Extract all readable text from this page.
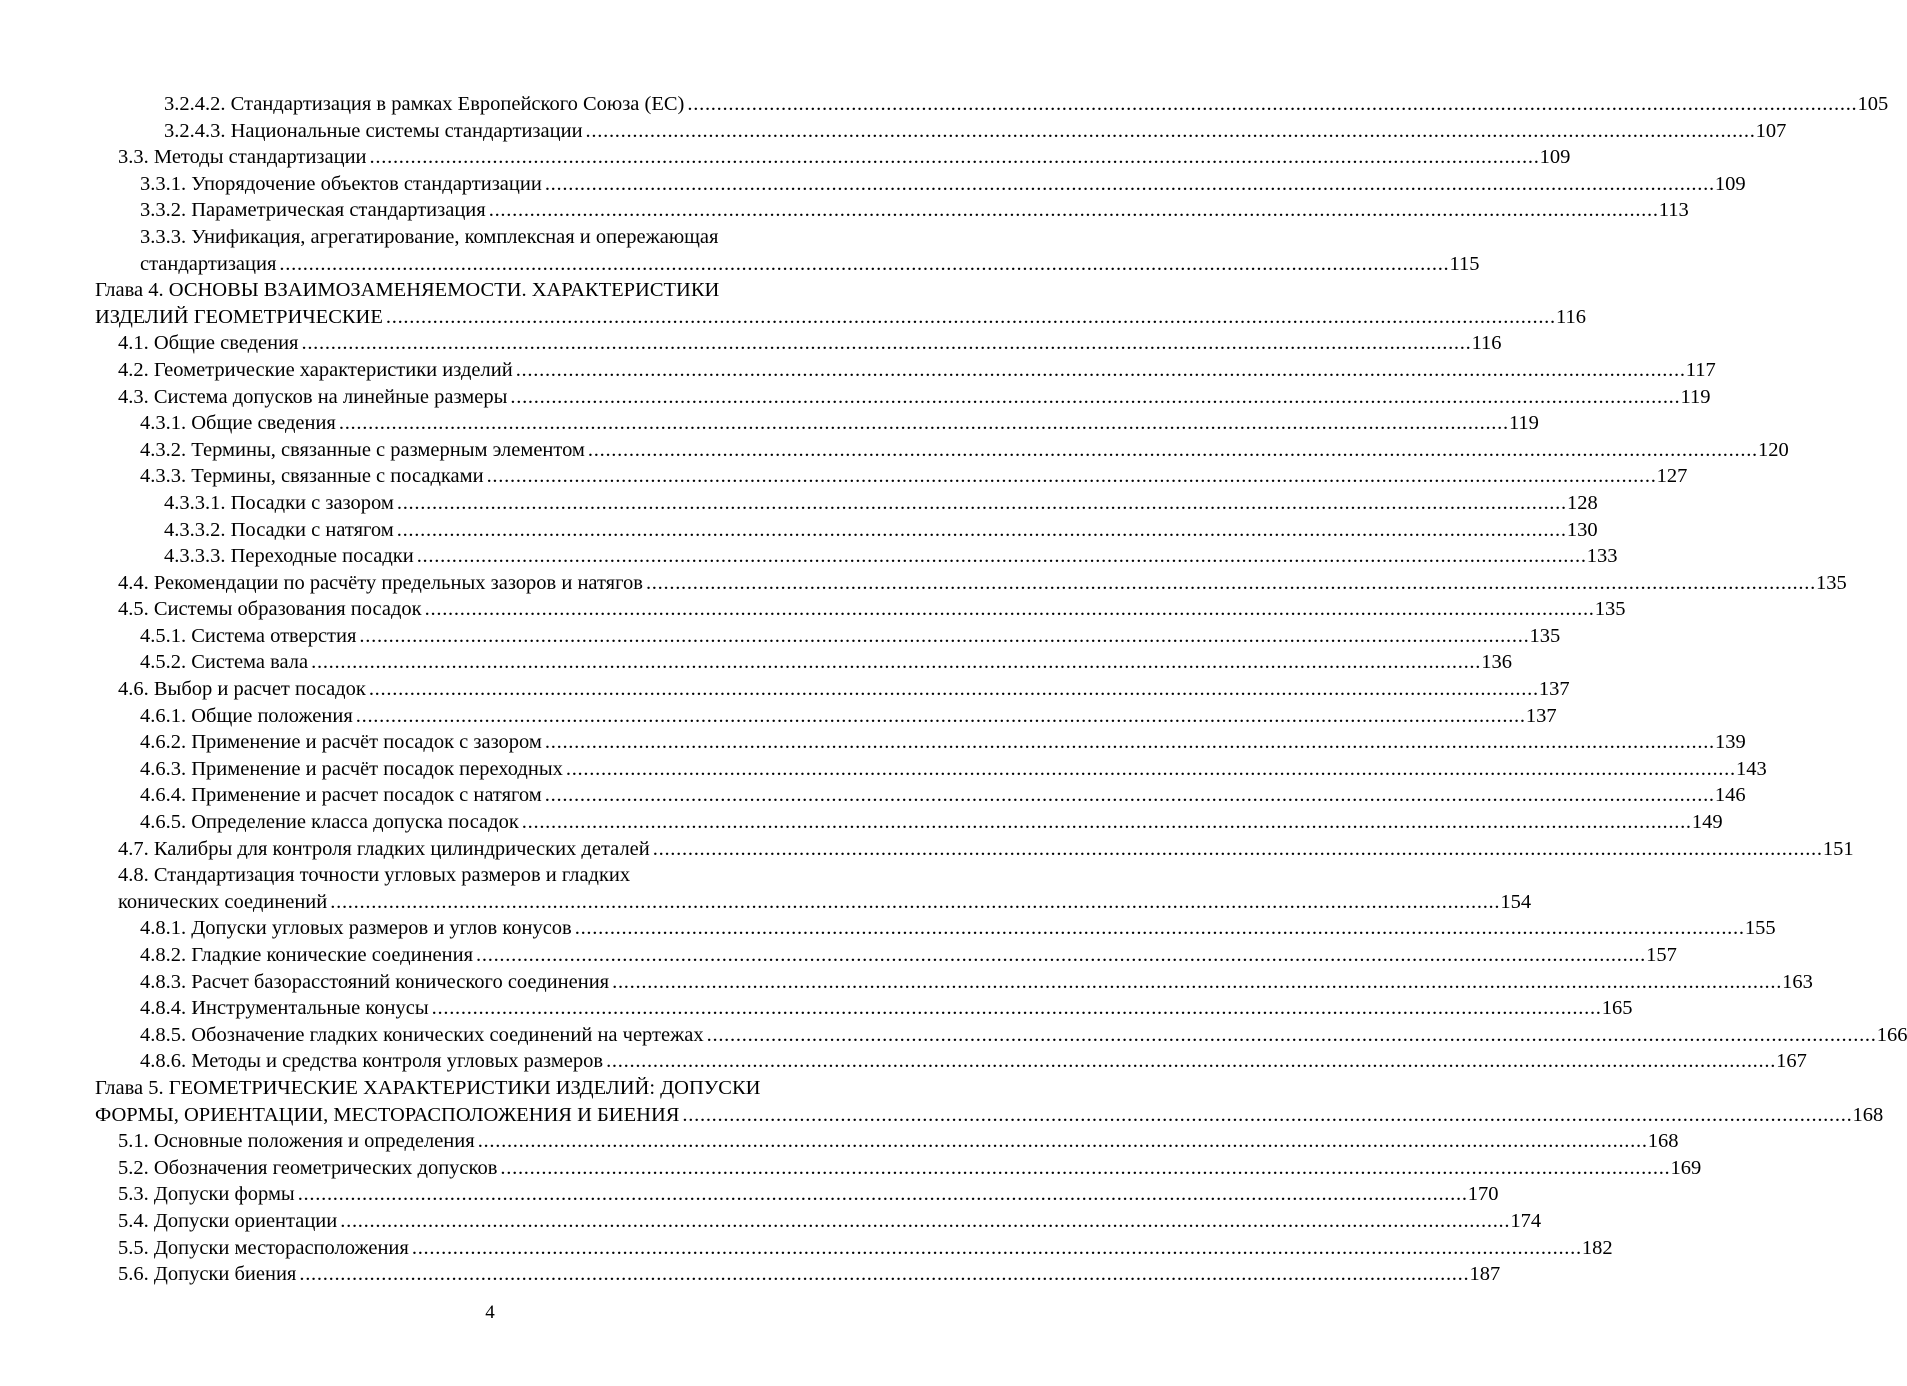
3.2.4.2. Стандартизация в рамках Европейского Союза (ЕС) . . .	105
3.2.4.3. Национальные системы стандартизации . . .	107
3.3. Методы стандартизации . . .	109
3.3.1. Упорядочение объектов стандартизации . . .	109
3.3.2. Параметрическая стандартизация . . .	113
3.3.3. Унификация, агрегатирование, комплексная и опережающая
стандартизация . . .	115
Глава 4. ОСНОВЫ ВЗАИМОЗАМЕНЯЕМОСТИ. ХАРАКТЕРИСТИКИ
ИЗДЕЛИЙ ГЕОМЕТРИЧЕСКИЕ . . .	116
4.1. Общие сведения . . .	116
4.2. Геометрические характеристики изделий . . .	117
4.3. Система допусков на линейные размеры . . .	119
4.3.1. Общие сведения . . .	119
4.3.2. Термины, связанные с размерным элементом . . .	120
4.3.3. Термины, связанные с посадками . . .	127
4.3.3.1. Посадки с зазором . . .	128
4.3.3.2. Посадки с натягом . . .	130
4.3.3.3. Переходные посадки . . .	133
4.4. Рекомендации по расчёту предельных зазоров и натягов . . .	135
4.5. Системы образования посадок . . .	135
4.5.1. Система отверстия . . .	135
4.5.2. Система вала . . .	136
4.6. Выбор и расчет посадок . . .	137
4.6.1. Общие положения . . .	137
4.6.2. Применение и расчёт посадок с зазором . . .	139
4.6.3. Применение и расчёт посадок переходных . . .	143
4.6.4. Применение и расчет посадок с натягом . . .	146
4.6.5. Определение класса допуска посадок . . .	149
4.7. Калибры для контроля гладких цилиндрических деталей . . .	151
4.8. Стандартизация точности угловых размеров и гладких
конических соединений . . .	154
4.8.1. Допуски угловых размеров и углов конусов . . .	155
4.8.2. Гладкие конические соединения . . .	157
4.8.3. Расчет базорасстояний конического соединения . . .	163
4.8.4. Инструментальные конусы . . .	165
4.8.5. Обозначение гладких конических соединений на чертежах . . .	166
4.8.6. Методы и средства контроля угловых размеров . . .	167
Глава 5. ГЕОМЕТРИЧЕСКИЕ ХАРАКТЕРИСТИКИ ИЗДЕЛИЙ: ДОПУСКИ
ФОРМЫ, ОРИЕНТАЦИИ, МЕСТОРАСПОЛОЖЕНИЯ И БИЕНИЯ . . .	168
5.1. Основные положения и определения . . .	168
5.2. Обозначения геометрических допусков . . .	169
5.3. Допуски формы . . .	170
5.4. Допуски ориентации . . .	174
5.5. Допуски месторасположения . . .	182
5.6. Допуски биения . . .	187
4
